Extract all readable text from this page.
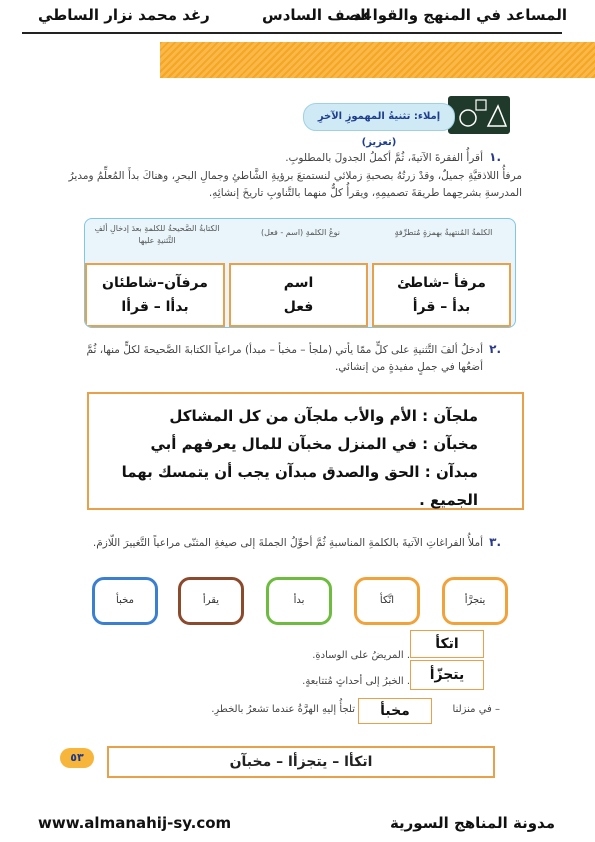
المساعد في المنهج والقواعد
الصف السادس
رغد محمد نزار الساطي
إملاء: تثنيةُ المهموزِ الآخرِ (تعزيز)
١.
أقرأُ الفقرةَ الآتيةَ، ثُمَّ أكملُ الجدولَ بالمطلوبِ.
مرفأُ اللاذقيَّةِ جميلٌ، وقدْ زرتُهُ بصحبةِ زملائي لنستمتعَ برؤيةِ الشَّاطئِ وجمالِ البحرِ، وهناكَ بدأَ المُعلِّمُ ومديرُ المدرسةِ بشرحِهما طريقةَ تصميمِهِ، ويقرأُ كلٌّ منهما بالتَّناوبِ تاريخَ إنشائِهِ.
الكلمةُ المُنتهيةُ بهمزةٍ مُتطرِّفةٍ
نوعُ الكلمةِ (اسم - فعل)
الكتابةُ الصَّحيحةُ للكلمةِ بعدَ إدخالِ ألفِ التَّثنيةِ عليها
مرفأ –شاطئ
بدأ – قرأ
اسم
فعل
مرفآن–شاطئان
بدأا – قرأا
٢.
أدخلُ ألفَ التَّثنيةِ على كلٍّ ممّا يأتي (ملجأ – مخبأ – مبدأ) مراعياً الكتابةَ الصَّحيحةَ لكلٍّ منها، ثُمَّ أضعُها في جملٍ مفيدةٍ من إنشائي.
ملجآن : الأم والأب ملجآن من كل المشاكل
مخبآن : في المنزل مخبآن للمال يعرفهم أبي
مبدآن : الحق والصدق مبدآن يجب أن يتمسك بهما الجميع .
٣.
أملأُ الفراغاتِ الآتيةَ بالكلمةِ المناسبةِ ثُمَّ أحوِّلُ الجملةَ إلى صيغةِ المثنّى مراعياً التَّغييرَ اللّازمَ.
يتجرَّأ
اتَّكأ
بدأ
يقرأ
مخبأ
اتكأ
. المريضُ على الوسادةِ.
يتجزّأ
. الخبرُ إلى أحداثٍ مُتتابعةٍ.
– في منزلنا
مخبأ
تلجأُ إليهِ الهرَّةُ عندما تشعرُ بالخطرِ.
٥٣	اتكأا – يتجزأا – مخبآن
www.almanahij-sy.com	مدونة المناهج السورية
